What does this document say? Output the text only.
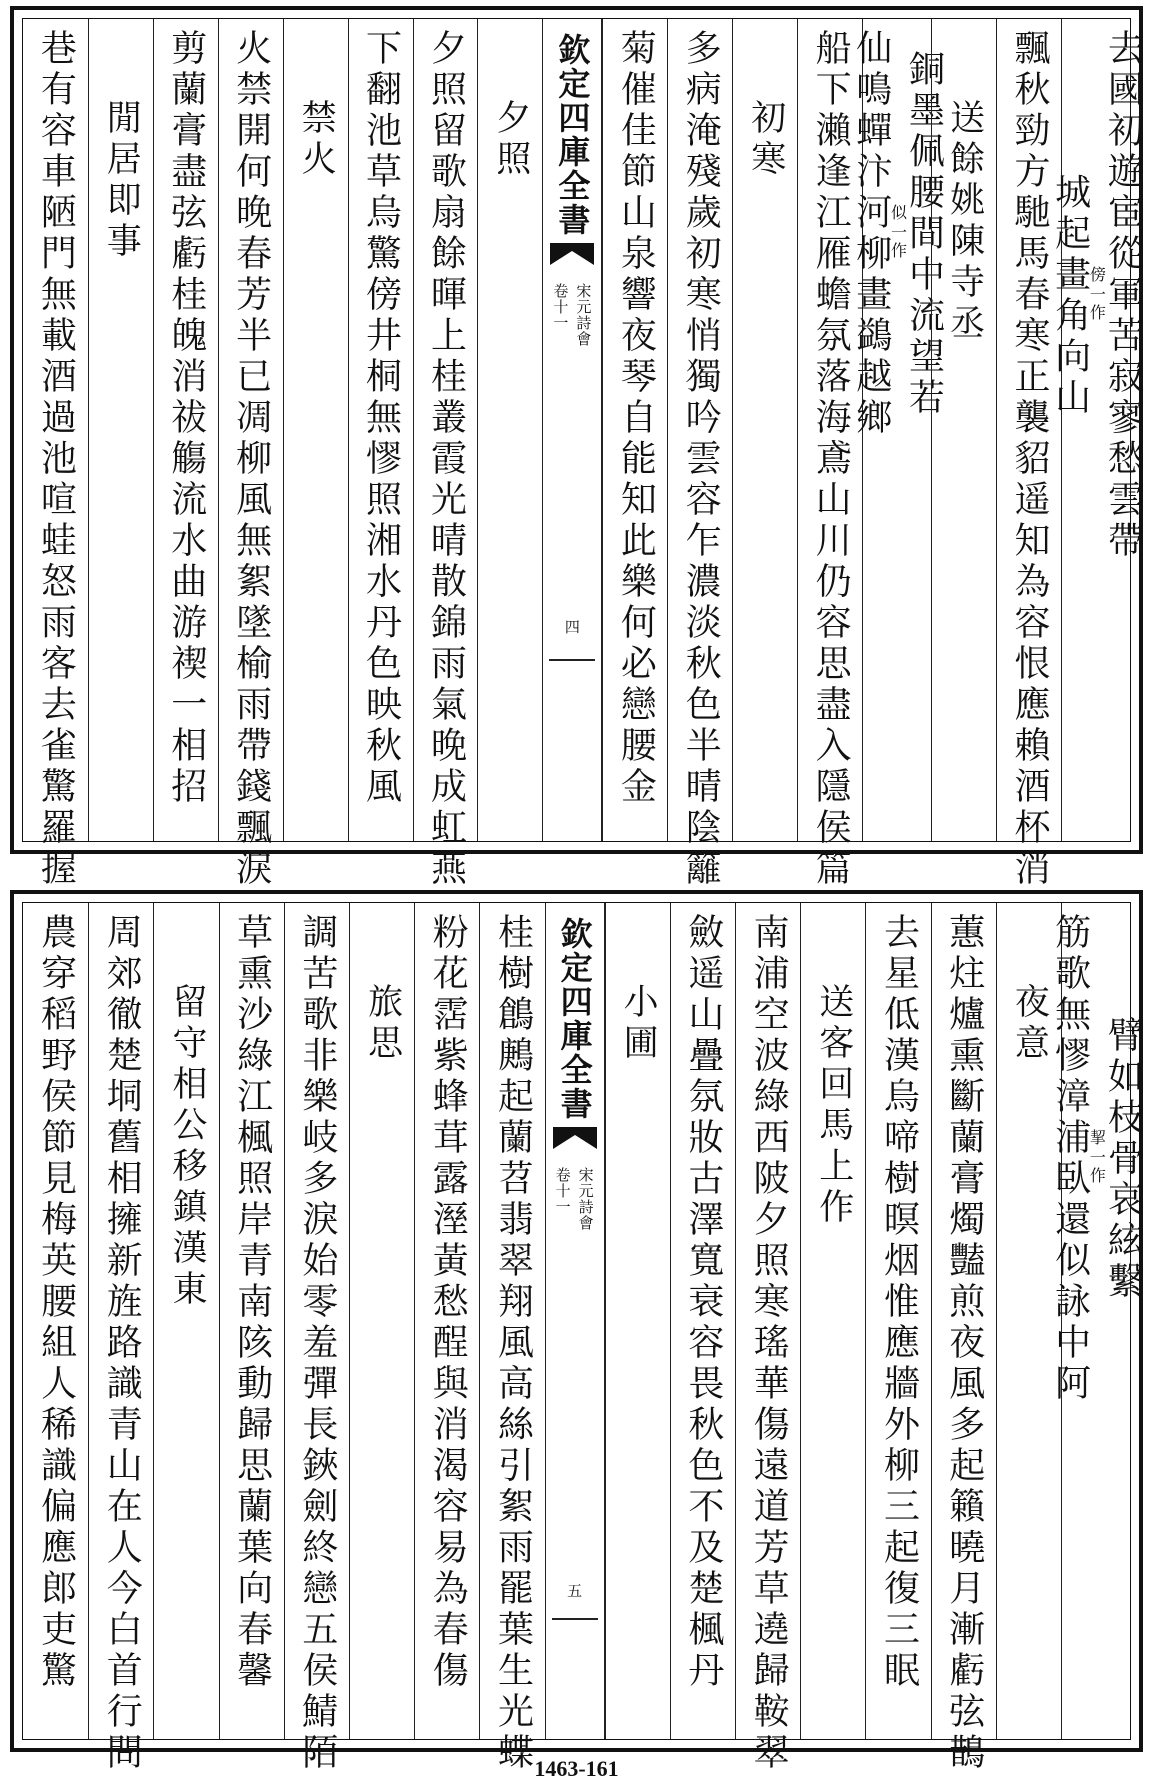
去國初遊宦從軍苦寂寥愁雲帶
一作
傍
城起畫角向山
飄秋勁方馳馬春寒正襲貂遥知為容恨應賴酒杯消
送餘姚陳寺丞
銅墨佩腰間中流望若
一作
似
仙鳴蟬汴河柳畫鷁越鄉
船下瀨逢江雁蟾氛落海鳶山川仍容思盡入隱侯篇
初寒
多病淹殘歲初寒悄獨吟雲容乍濃淡秋色半晴陰籬
菊催佳節山泉響夜琴自能知此樂何必戀腰金
欽定四庫全書
宋元詩會
卷十一
四
夕照
夕照留歌扇餘暉上桂叢霞光晴散錦雨氣晚成虹燕
下翻池草烏驚傍井桐無憀照湘水丹色映秋風
禁火
火禁開何晚春芳半已凋柳風無絮墜榆雨帶錢飄淚
剪蘭膏盡弦虧桂魄消祓觴流水曲游禊一相招
閒居即事
巷有容車陋門無載酒過池喧蛙怒雨客去雀驚羅握
臂如枝骨哀絃繫
一作
挈
筋歌無憀漳浦臥還似詠中阿
夜意
蕙炷爐熏斷蘭膏燭豔煎夜風多起籟曉月漸虧弦鵲
去星低漢烏啼樹暝烟惟應牆外柳三起復三眠
送客回馬上作
南浦空波綠西陂夕照寒瑤華傷遠道芳草遶歸鞍翠
斂遥山疊氛妝古澤寬衰容畏秋色不及楚楓丹
小圃
欽定四庫全書
宋元詩會
卷十一
五
桂樹鶬鶊起蘭苕翡翠翔風高絲引絮雨罷葉生光蝶
粉花霑紫蜂茸露溼黃愁酲與消渴容易為春傷
旅思
調苦歌非樂岐多淚始零羞彈長鋏劍終戀五侯鯖陌
草熏沙綠江楓照岸青南陔動歸思蘭葉向春馨
留守相公移鎮漢東
周郊徹楚垌舊相擁新旌路識青山在人今白首行問
農穿稻野侯節見梅英腰組人稀識偏應郎吏驚
1463-161
